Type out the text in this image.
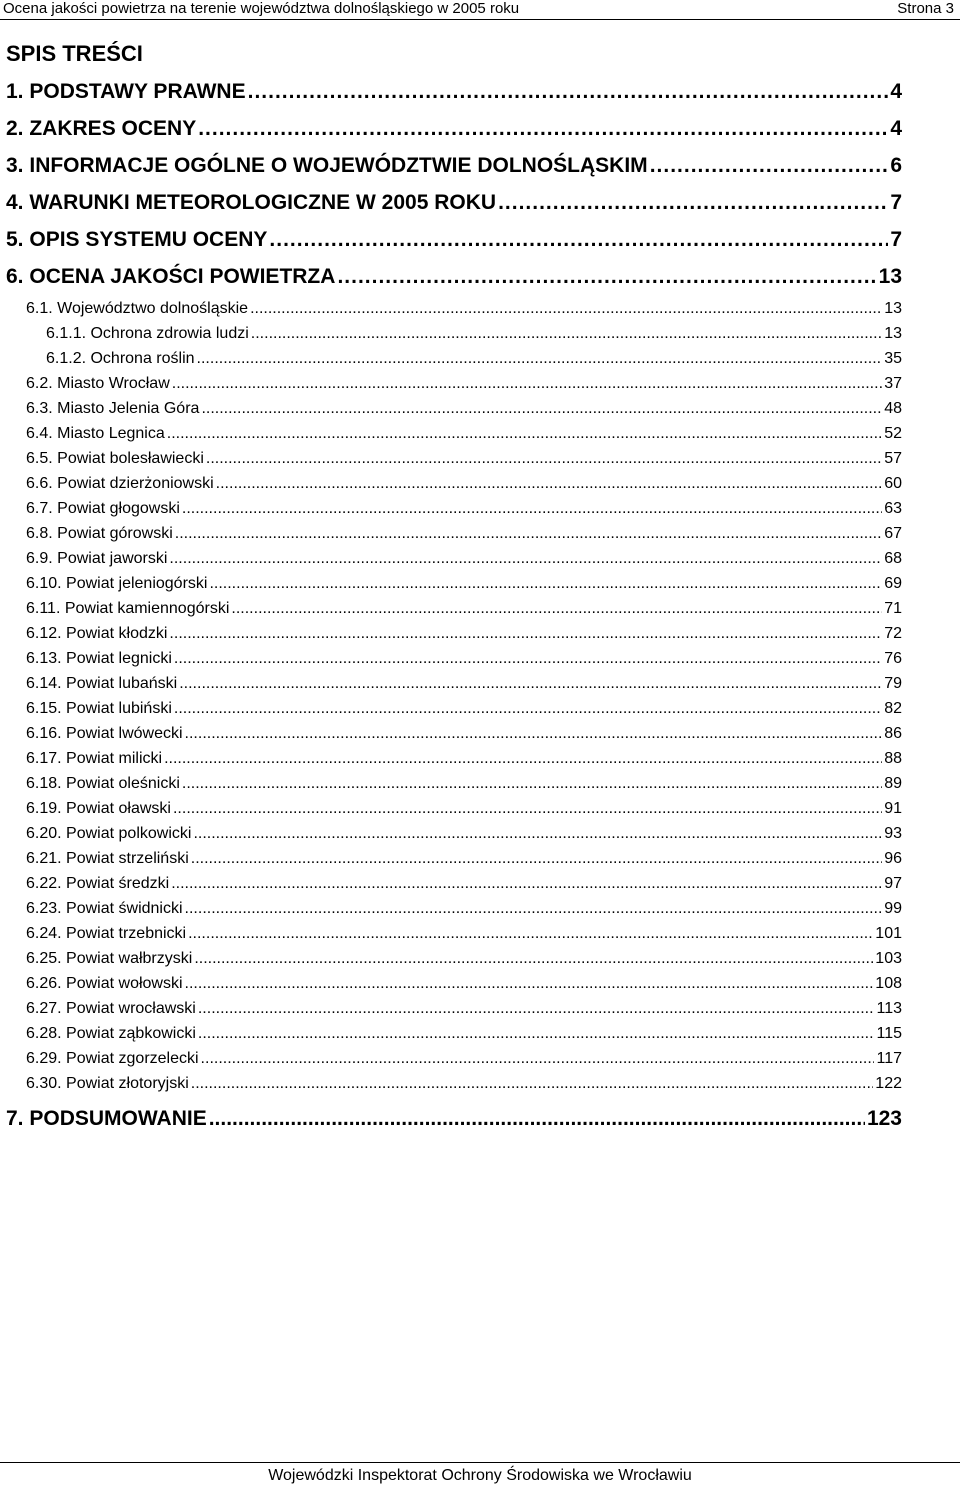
Ocena jakości powietrza na terenie województwa dolnośląskiego w 2005 roku	Strona 3
SPIS TREŚCI
1. PODSTAWY PRAWNE .....	4
2. ZAKRES OCENY .....	4
3. INFORMACJE OGÓLNE O WOJEWÓDZTWIE DOLNOŚLĄSKIM .....	6
4. WARUNKI METEOROLOGICZNE W 2005 ROKU .....	7
5. OPIS SYSTEMU OCENY .....	7
6. OCENA JAKOŚCI POWIETRZA .....	13
6.1. Województwo dolnośląskie .....	13
6.1.1. Ochrona zdrowia ludzi .....	13
6.1.2. Ochrona roślin .....	35
6.2. Miasto Wrocław .....	37
6.3. Miasto Jelenia Góra .....	48
6.4. Miasto Legnica .....	52
6.5. Powiat bolesławiecki .....	57
6.6. Powiat dzierżoniowski .....	60
6.7. Powiat głogowski .....	63
6.8. Powiat górowski .....	67
6.9. Powiat jaworski .....	68
6.10. Powiat jeleniogórski .....	69
6.11. Powiat kamiennogórski .....	71
6.12. Powiat kłodzki .....	72
6.13. Powiat legnicki .....	76
6.14. Powiat lubański .....	79
6.15. Powiat lubiński .....	82
6.16. Powiat lwówecki .....	86
6.17. Powiat milicki .....	88
6.18. Powiat oleśnicki .....	89
6.19. Powiat oławski .....	91
6.20. Powiat polkowicki .....	93
6.21. Powiat strzeliński .....	96
6.22. Powiat średzki .....	97
6.23. Powiat świdnicki .....	99
6.24. Powiat trzebnicki .....	101
6.25. Powiat wałbrzyski .....	103
6.26. Powiat wołowski .....	108
6.27. Powiat wrocławski .....	113
6.28. Powiat ząbkowicki .....	115
6.29. Powiat zgorzelecki .....	117
6.30. Powiat złotoryjski .....	122
7. PODSUMOWANIE .....	123
Wojewódzki Inspektorat Ochrony Środowiska we Wrocławiu
